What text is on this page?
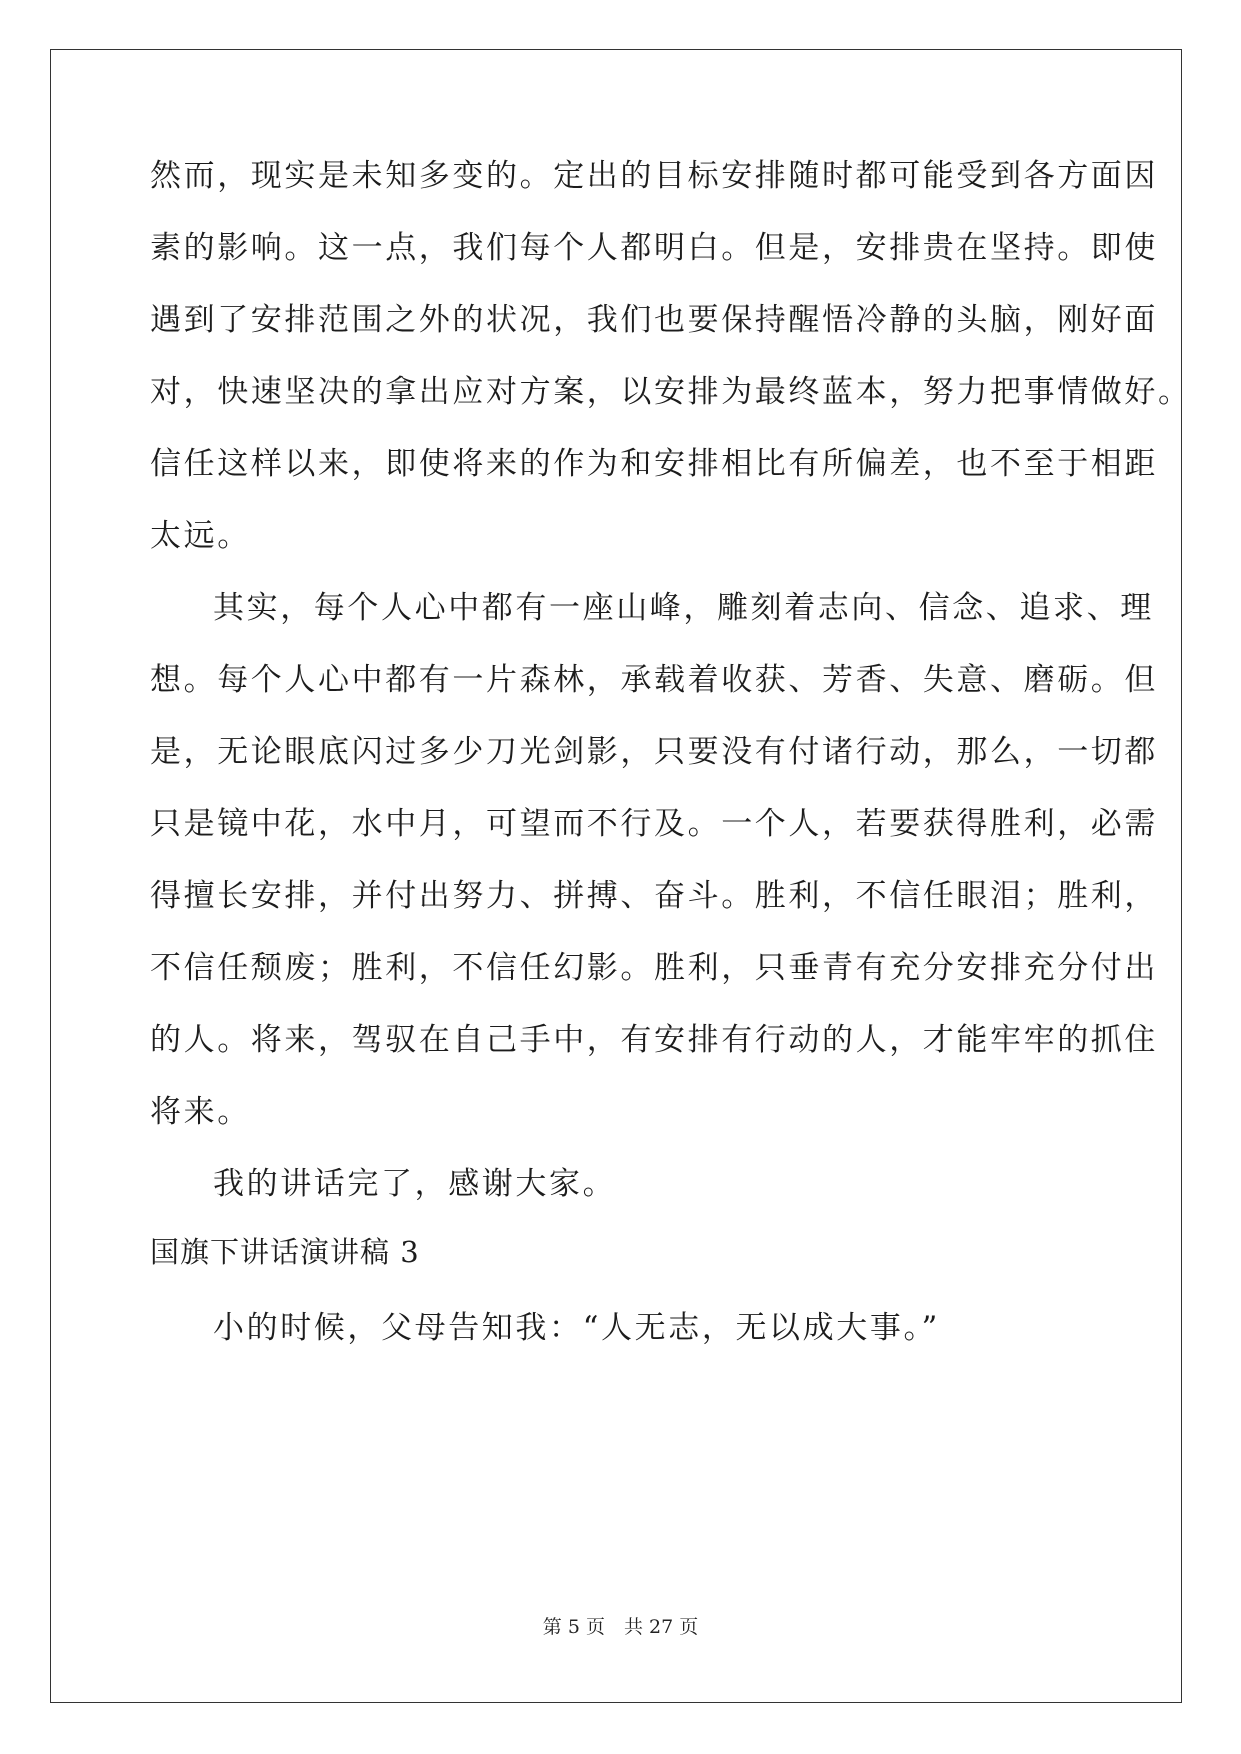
然而，现实是未知多变的。定出的目标安排随时都可能受到各方面因

素的影响。这一点，我们每个人都明白。但是，安排贵在坚持。即使

遇到了安排范围之外的状况，我们也要保持醒悟冷静的头脑，刚好面

对，快速坚决的拿出应对方案，以安排为最终蓝本，努力把事情做好。

信任这样以来，即使将来的作为和安排相比有所偏差，也不至于相距

太远。

其实，每个人心中都有一座山峰，雕刻着志向、信念、追求、理

想。每个人心中都有一片森林，承载着收获、芳香、失意、磨砺。但

是，无论眼底闪过多少刀光剑影，只要没有付诸行动，那么，一切都

只是镜中花，水中月，可望而不行及。一个人，若要获得胜利，必需

得擅长安排，并付出努力、拼搏、奋斗。胜利，不信任眼泪；胜利，

不信任颓废；胜利，不信任幻影。胜利，只垂青有充分安排充分付出

的人。将来，驾驭在自己手中，有安排有行动的人，才能牢牢的抓住

将来。

我的讲话完了，感谢大家。

国旗下讲话演讲稿 3

小的时候，父母告知我：“人无志，无以成大事。”

第 5 页　共 27 页
